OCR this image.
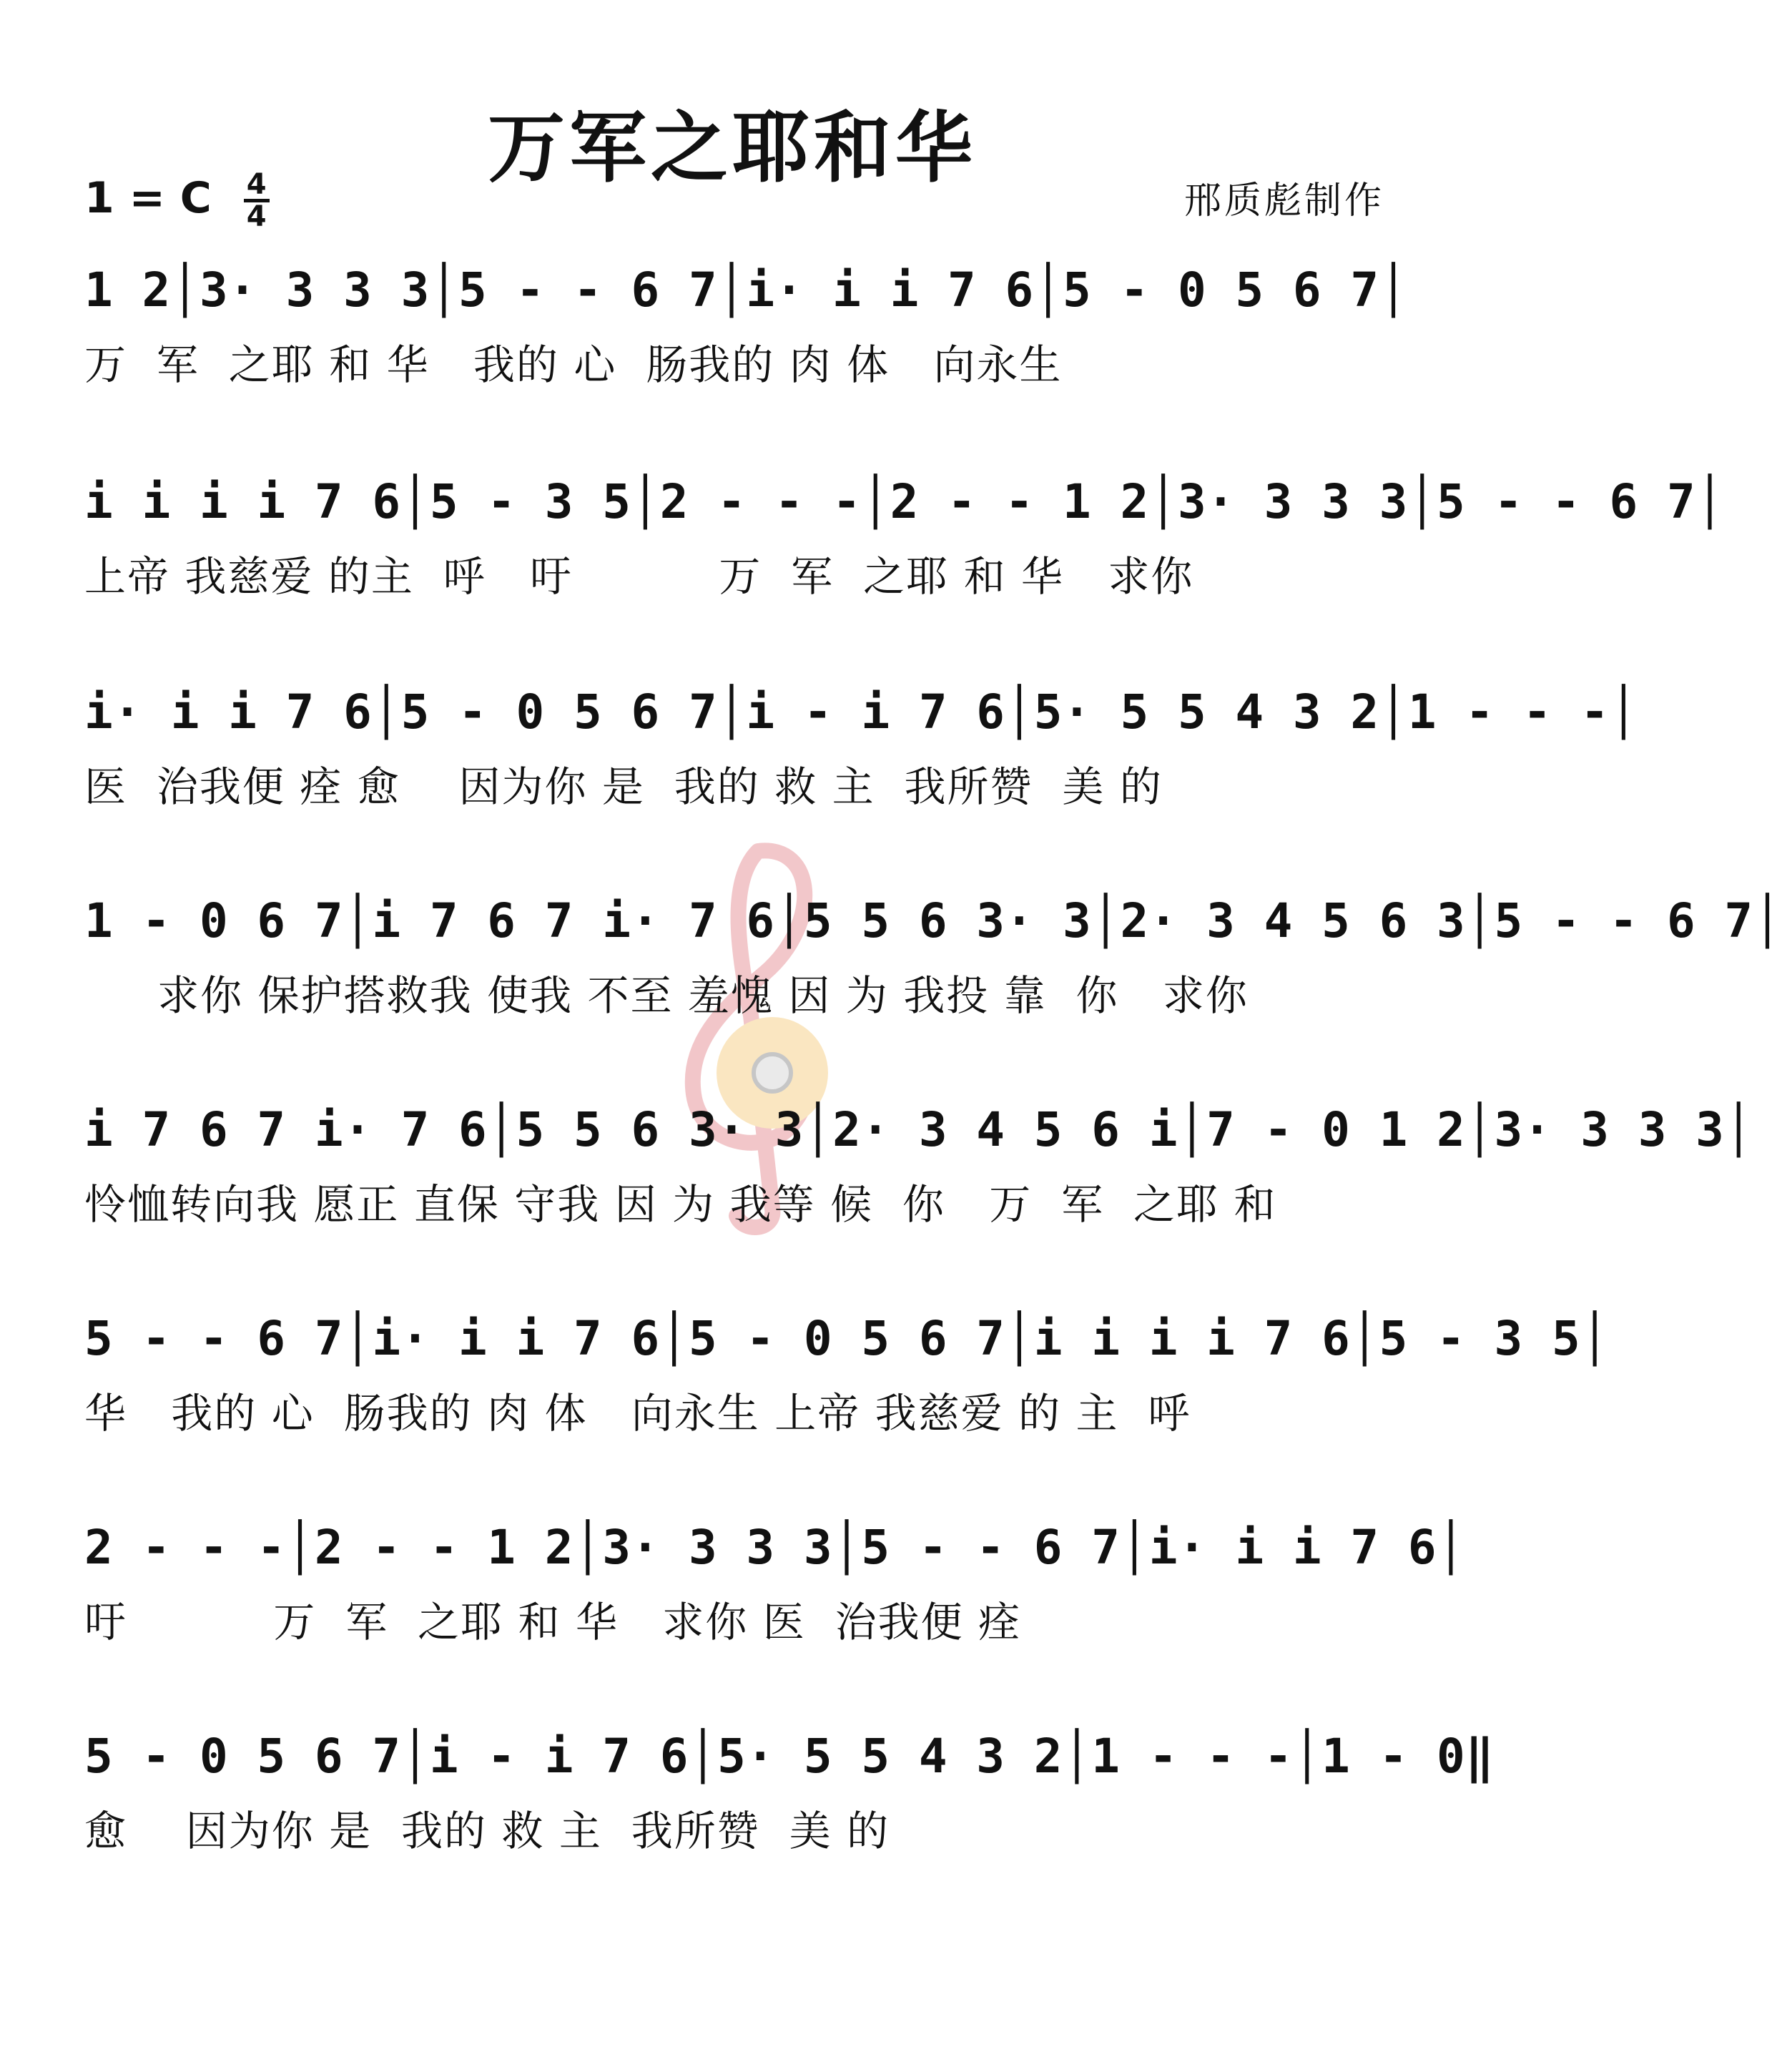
万军之耶和华
1 = C $\frac{4}{4}$	邢质彪制作
1 2│3· 3 3 3│5 - - 6 7│i· i i 7 6│5 - 0 5 6 7│
万  军  之耶 和 华   我的 心  肠我的 肉 体   向永生
i i i i 7 6│5 - 3 5│2 - - -│2 - - 1 2│3· 3 3 3│5 - - 6 7│
上帝 我慈爱 的主  呼   吁          万  军  之耶 和 华   求你
i· i i 7 6│5 - 0 5 6 7│i - i 7 6│5· 5 5 4 3 2│1 - - -│
医  治我便 痊 愈    因为你 是  我的 救 主  我所赞  美 的
1 - 0 6 7│i 7 6 7 i· 7 6│5 5 6 3· 3│2· 3 4 5 6 3│5 - - 6 7│
求你 保护搭救我 使我 不至 羞愧 因 为 我投 靠  你   求你
i 7 6 7 i· 7 6│5 5 6 3· 3│2· 3 4 5 6 i│7 - 0 1 2│3· 3 3 3│
怜恤转向我 愿正 直保 守我 因 为 我等 候  你   万  军  之耶 和
5 - - 6 7│i· i i 7 6│5 - 0 5 6 7│i i i i 7 6│5 - 3 5│
华   我的 心  肠我的 肉 体   向永生 上帝 我慈爱 的 主  呼
2 - - -│2 - - 1 2│3· 3 3 3│5 - - 6 7│i· i i 7 6│
吁          万  军  之耶 和 华   求你 医  治我便 痊
5 - 0 5 6 7│i - i 7 6│5· 5 5 4 3 2│1 - - -│1 - 0‖
愈    因为你 是  我的 救 主  我所赞  美 的
